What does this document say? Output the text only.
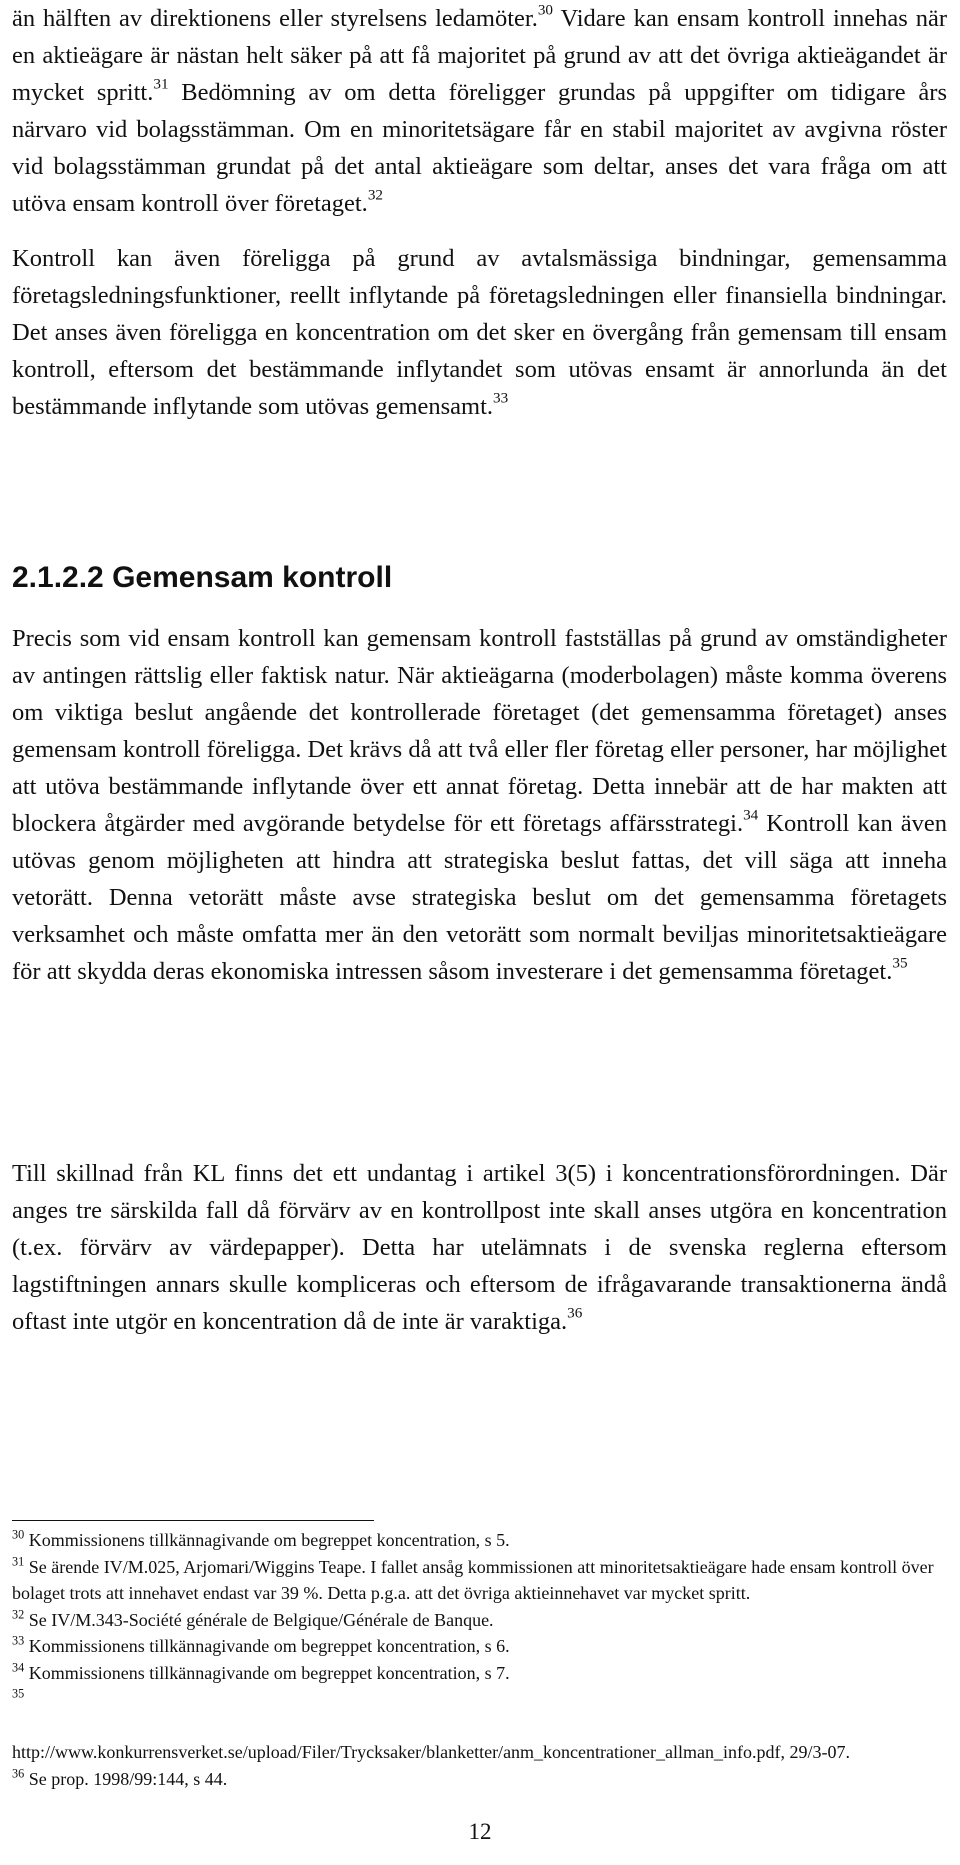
än hälften av direktionens eller styrelsens ledamöter.$^{30}$ Vidare kan ensam kontroll innehas när en aktieägare är nästan helt säker på att få majoritet på grund av att det övriga aktieägandet är mycket spritt.$^{31}$ Bedömning av om detta föreligger grundas på uppgifter om tidigare års närvaro vid bolagsstämman. Om en minoritetsägare får en stabil majoritet av avgivna röster vid bolagsstämman grundat på det antal aktieägare som deltar, anses det vara fråga om att utöva ensam kontroll över företaget.$^{32}$

Kontroll kan även föreligga på grund av avtalsmässiga bindningar, gemensamma företagsledningsfunktioner, reellt inflytande på företagsledningen eller finansiella bindningar. Det anses även föreligga en koncentration om det sker en övergång från gemensam till ensam kontroll, eftersom det bestämmande inflytandet som utövas ensamt är annorlunda än det bestämmande inflytande som utövas gemensamt.$^{33}$

2.1.2.2 Gemensam kontroll

Precis som vid ensam kontroll kan gemensam kontroll fastställas på grund av omständigheter av antingen rättslig eller faktisk natur. När aktieägarna (moderbolagen) måste komma överens om viktiga beslut angående det kontrollerade företaget (det gemensamma företaget) anses gemensam kontroll föreligga. Det krävs då att två eller fler företag eller personer, har möjlighet att utöva bestämmande inflytande över ett annat företag. Detta innebär att de har makten att blockera åtgärder med avgörande betydelse för ett företags affärsstrategi.$^{34}$ Kontroll kan även utövas genom möjligheten att hindra att strategiska beslut fattas, det vill säga att inneha vetorätt. Denna vetorätt måste avse strategiska beslut om det gemensamma företagets verksamhet och måste omfatta mer än den vetorätt som normalt beviljas minoritetsaktieägare för att skydda deras ekonomiska intressen såsom investerare i det gemensamma företaget.$^{35}$

Till skillnad från KL finns det ett undantag i artikel 3(5) i koncentrationsförordningen. Där anges tre särskilda fall då förvärv av en kontrollpost inte skall anses utgöra en koncentration (t.ex. förvärv av värdepapper). Detta har utelämnats i de svenska reglerna eftersom lagstiftningen annars skulle kompliceras och eftersom de ifrågavarande transaktionerna ändå oftast inte utgör en koncentration då de inte är varaktiga.$^{36}$

$^{30}$ Kommissionens tillkännagivande om begreppet koncentration, s 5.

$^{31}$ Se ärende IV/M.025, Arjomari/Wiggins Teape. I fallet ansåg kommissionen att minoritetsaktieägare hade ensam kontroll över bolaget trots att innehavet endast var 39 %. Detta p.g.a. att det övriga aktieinnehavet var mycket spritt.

$^{32}$ Se IV/M.343-Société générale de Belgique/Générale de Banque.

$^{33}$ Kommissionens tillkännagivande om begreppet koncentration, s 6.

$^{34}$ Kommissionens tillkännagivande om begreppet koncentration, s 7.

$^{35}$

http://www.konkurrensverket.se/upload/Filer/Trycksaker/blanketter/anm_koncentrationer_allman_info.pdf, 29/3-07.

$^{36}$ Se prop. 1998/99:144, s 44.

12
